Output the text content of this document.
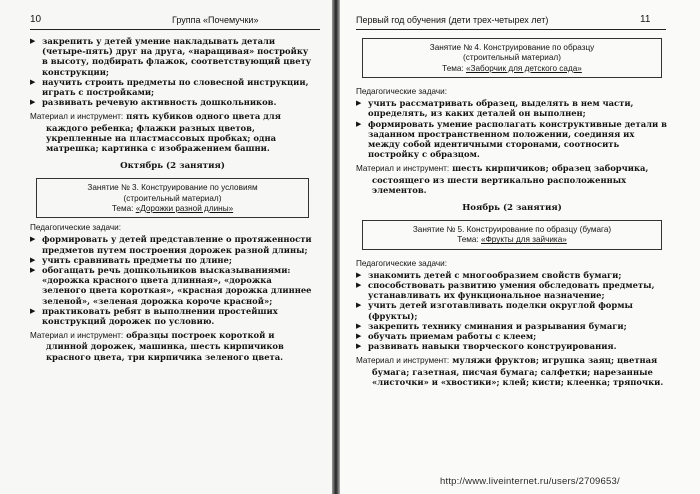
10	Группа «Почемучки»
▶ закрепить у детей умение накладывать детали (четыре-пять) друг на друга, «наращивая» постройку в высоту, подбирать флажок, соответствующий цвету конструкции;
▶ научить строить предметы по словесной инструкции, играть с постройками;
▶ развивать речевую активность дошкольников.
Материал и инструмент: пять кубиков одного цвета для каждого ребенка; флажки разных цветов, укрепленные на пластмассовых пробках; одна матрешка; картинка с изображением башни.
Октябрь (2 занятия)
Занятие № 3. Конструирование по условиям
(строительный материал)
Тема: «Дорожки разной длины»
Педагогические задачи:
▶ формировать у детей представление о протяженности предметов путем построения дорожек разной длины;
▶ учить сравнивать предметы по длине;
▶ обогащать речь дошкольников высказываниями: «дорожка красного цвета длинная», «дорожка зеленого цвета короткая», «красная дорожка длиннее зеленой», «зеленая дорожка короче красной»;
▶ практиковать ребят в выполнении простейших конструкций дорожек по условию.
Материал и инструмент: образцы построек короткой и длинной дорожек, машинка, шесть кирпичиков красного цвета, три кирпичика зеленого цвета.
Первый год обучения (дети трех-четырех лет)	11
Занятие № 4. Конструирование по образцу
(строительный материал)
Тема: «Заборчик для детского сада»
Педагогические задачи:
▶ учить рассматривать образец, выделять в нем части, определять, из каких деталей он выполнен;
▶ формировать умение располагать конструктивные детали в заданном пространственном положении, соединяя их между собой идентичными сторонами, соотносить постройку с образцом.
Материал и инструмент: шесть кирпичиков; образец заборчика, состоящего из шести вертикально расположенных элементов.
Ноябрь (2 занятия)
Занятие № 5. Конструирование по образцу (бумага)
Тема: «Фрукты для зайчика»
Педагогические задачи:
▶ знакомить детей с многообразием свойств бумаги;
▶ способствовать развитию умения обследовать предметы, устанавливать их функциональное назначение;
▶ учить детей изготавливать поделки округлой формы (фрукты);
▶ закрепить технику сминания и разрывания бумаги;
▶ обучать приемам работы с клеем;
▶ развивать навыки творческого конструирования.
Материал и инструмент: муляжи фруктов; игрушка заяц; цветная бумага; газетная, писчая бумага; салфетки; нарезанные «листочки» и «хвостики»; клей; кисти; клеенка; тряпочки.
http://www.liveinternet.ru/users/2709653/
